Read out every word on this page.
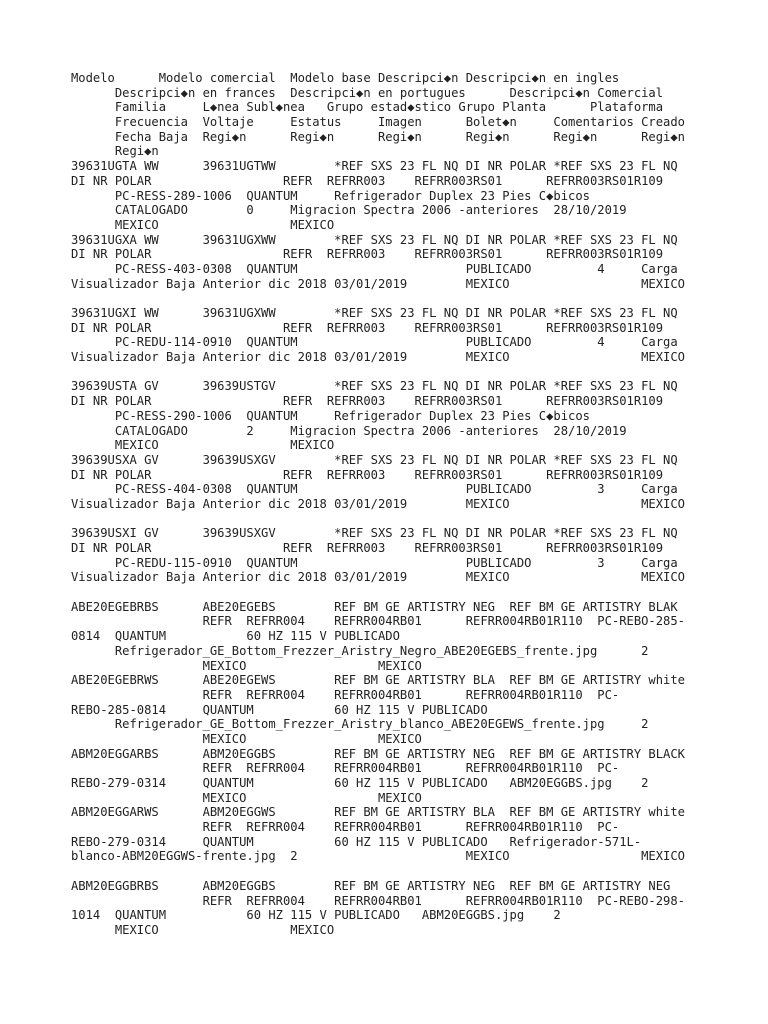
Modelo      Modelo comercial  Modelo base Descripci◆n Descripci◆n en ingles
Descripci◆n en frances  Descripci◆n en portugues      Descripci◆n Comercial
Familia     L◆nea Subl◆nea   Grupo estad◆stico Grupo Planta      Plataforma
Frecuencia  Voltaje     Estatus     Imagen      Bolet◆n     Comentarios Creado
Fecha Baja  Regi◆n      Regi◆n      Regi◆n      Regi◆n      Regi◆n      Regi◆n
Regi◆n
39631UGTA WW      39631UGTWW        *REF SXS 23 FL NQ DI NR POLAR *REF SXS 23 FL NQ
DI NR POLAR                  REFR  REFRR003    REFRR003RS01      REFRR003RS01R109
PC-RESS-289-1006  QUANTUM     Refrigerador Duplex 23 Pies C◆bicos
CATALOGADO        0     Migracion Spectra 2006 -anteriores  28/10/2019
MEXICO                  MEXICO
39631UGXA WW      39631UGXWW        *REF SXS 23 FL NQ DI NR POLAR *REF SXS 23 FL NQ
DI NR POLAR                  REFR  REFRR003    REFRR003RS01      REFRR003RS01R109
PC-RESS-403-0308  QUANTUM                       PUBLICADO         4     Carga
Visualizador Baja Anterior dic 2018 03/01/2019        MEXICO                  MEXICO
39631UGXI WW      39631UGXWW        *REF SXS 23 FL NQ DI NR POLAR *REF SXS 23 FL NQ
DI NR POLAR                  REFR  REFRR003    REFRR003RS01      REFRR003RS01R109
PC-REDU-114-0910  QUANTUM                       PUBLICADO         4     Carga
Visualizador Baja Anterior dic 2018 03/01/2019        MEXICO                  MEXICO
39639USTA GV      39639USTGV        *REF SXS 23 FL NQ DI NR POLAR *REF SXS 23 FL NQ
DI NR POLAR                  REFR  REFRR003    REFRR003RS01      REFRR003RS01R109
PC-RESS-290-1006  QUANTUM     Refrigerador Duplex 23 Pies C◆bicos
CATALOGADO        2     Migracion Spectra 2006 -anteriores  28/10/2019
MEXICO                  MEXICO
39639USXA GV      39639USXGV        *REF SXS 23 FL NQ DI NR POLAR *REF SXS 23 FL NQ
DI NR POLAR                  REFR  REFRR003    REFRR003RS01      REFRR003RS01R109
PC-RESS-404-0308  QUANTUM                       PUBLICADO         3     Carga
Visualizador Baja Anterior dic 2018 03/01/2019        MEXICO                  MEXICO
39639USXI GV      39639USXGV        *REF SXS 23 FL NQ DI NR POLAR *REF SXS 23 FL NQ
DI NR POLAR                  REFR  REFRR003    REFRR003RS01      REFRR003RS01R109
PC-REDU-115-0910  QUANTUM                       PUBLICADO         3     Carga
Visualizador Baja Anterior dic 2018 03/01/2019        MEXICO                  MEXICO
ABE20EGEBRBS      ABE20EGEBS        REF BM GE ARTISTRY NEG  REF BM GE ARTISTRY BLAK
REFR  REFRR004    REFRR004RB01      REFRR004RB01R110  PC-REBO-285-
0814  QUANTUM           60 HZ 115 V PUBLICADO
Refrigerador_GE_Bottom_Frezzer_Aristry_Negro_ABE20EGEBS_frente.jpg      2
MEXICO                  MEXICO
ABE20EGEBRWS      ABE20EGEWS        REF BM GE ARTISTRY BLA  REF BM GE ARTISTRY white
REFR  REFRR004    REFRR004RB01      REFRR004RB01R110  PC-
REBO-285-0814     QUANTUM           60 HZ 115 V PUBLICADO
Refrigerador_GE_Bottom_Frezzer_Aristry_blanco_ABE20EGEWS_frente.jpg     2
MEXICO                  MEXICO
ABM20EGGARBS      ABM20EGGBS        REF BM GE ARTISTRY NEG  REF BM GE ARTISTRY BLACK
REFR  REFRR004    REFRR004RB01      REFRR004RB01R110  PC-
REBO-279-0314     QUANTUM           60 HZ 115 V PUBLICADO   ABM20EGGBS.jpg    2
MEXICO                  MEXICO
ABM20EGGARWS      ABM20EGGWS        REF BM GE ARTISTRY BLA  REF BM GE ARTISTRY white
REFR  REFRR004    REFRR004RB01      REFRR004RB01R110  PC-
REBO-279-0314     QUANTUM           60 HZ 115 V PUBLICADO   Refrigerador-571L-
blanco-ABM20EGGWS-frente.jpg  2                       MEXICO                  MEXICO
ABM20EGGBRBS      ABM20EGGBS        REF BM GE ARTISTRY NEG  REF BM GE ARTISTRY NEG
REFR  REFRR004    REFRR004RB01      REFRR004RB01R110  PC-REBO-298-
1014  QUANTUM           60 HZ 115 V PUBLICADO   ABM20EGGBS.jpg    2
MEXICO                  MEXICO
